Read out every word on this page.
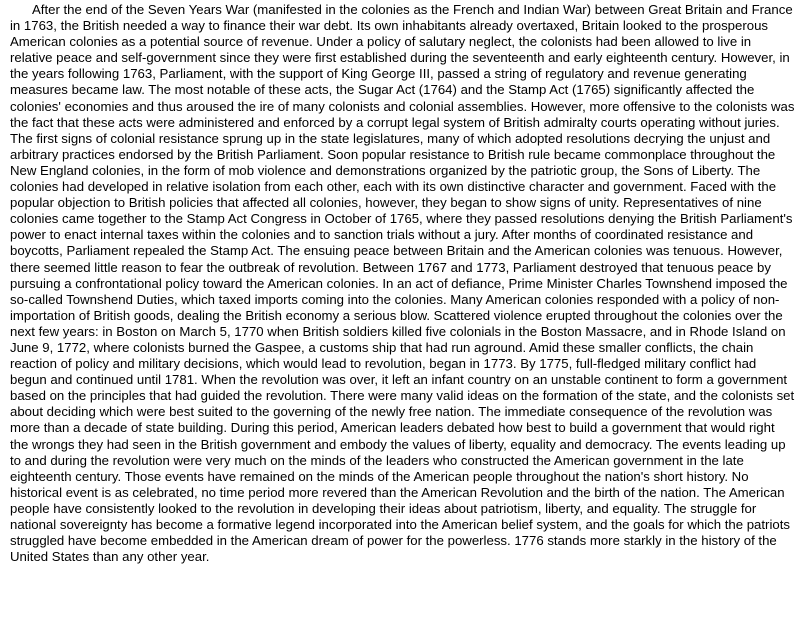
After the end of the Seven Years War (manifested in the colonies as the French and Indian War) between Great Britain and France in 1763, the British needed a way to finance their war debt. Its own inhabitants already overtaxed, Britain looked to the prosperous American colonies as a potential source of revenue. Under a policy of salutary neglect, the colonists had been allowed to live in relative peace and self-government since they were first established during the seventeenth and early eighteenth century. However, in the years following 1763, Parliament, with the support of King George III, passed a string of regulatory and revenue generating measures became law. The most notable of these acts, the Sugar Act (1764) and the Stamp Act (1765) significantly affected the colonies' economies and thus aroused the ire of many colonists and colonial assemblies. However, more offensive to the colonists was the fact that these acts were administered and enforced by a corrupt legal system of British admiralty courts operating without juries. The first signs of colonial resistance sprung up in the state legislatures, many of which adopted resolutions decrying the unjust and arbitrary practices endorsed by the British Parliament. Soon popular resistance to British rule became commonplace throughout the New England colonies, in the form of mob violence and demonstrations organized by the patriotic group, the Sons of Liberty. The colonies had developed in relative isolation from each other, each with its own distinctive character and government. Faced with the popular objection to British policies that affected all colonies, however, they began to show signs of unity. Representatives of nine colonies came together to the Stamp Act Congress in October of 1765, where they passed resolutions denying the British Parliament's power to enact internal taxes within the colonies and to sanction trials without a jury. After months of coordinated resistance and boycotts, Parliament repealed the Stamp Act. The ensuing peace between Britain and the American colonies was tenuous. However, there seemed little reason to fear the outbreak of revolution. Between 1767 and 1773, Parliament destroyed that tenuous peace by pursuing a confrontational policy toward the American colonies. In an act of defiance, Prime Minister Charles Townshend imposed the so-called Townshend Duties, which taxed imports coming into the colonies. Many American colonies responded with a policy of non-importation of British goods, dealing the British economy a serious blow. Scattered violence erupted throughout the colonies over the next few years: in Boston on March 5, 1770 when British soldiers killed five colonials in the Boston Massacre, and in Rhode Island on June 9, 1772, where colonists burned the Gaspee, a customs ship that had run aground. Amid these smaller conflicts, the chain reaction of policy and military decisions, which would lead to revolution, began in 1773. By 1775, full-fledged military conflict had begun and continued until 1781. When the revolution was over, it left an infant country on an unstable continent to form a government based on the principles that had guided the revolution. There were many valid ideas on the formation of the state, and the colonists set about deciding which were best suited to the governing of the newly free nation. The immediate consequence of the revolution was more than a decade of state building. During this period, American leaders debated how best to build a government that would right the wrongs they had seen in the British government and embody the values of liberty, equality and democracy. The events leading up to and during the revolution were very much on the minds of the leaders who constructed the American government in the late eighteenth century. Those events have remained on the minds of the American people throughout the nation's short history. No historical event is as celebrated, no time period more revered than the American Revolution and the birth of the nation. The American people have consistently looked to the revolution in developing their ideas about patriotism, liberty, and equality. The struggle for national sovereignty has become a formative legend incorporated into the American belief system, and the goals for which the patriots struggled have become embedded in the American dream of power for the powerless. 1776 stands more starkly in the history of the United States than any other year.
